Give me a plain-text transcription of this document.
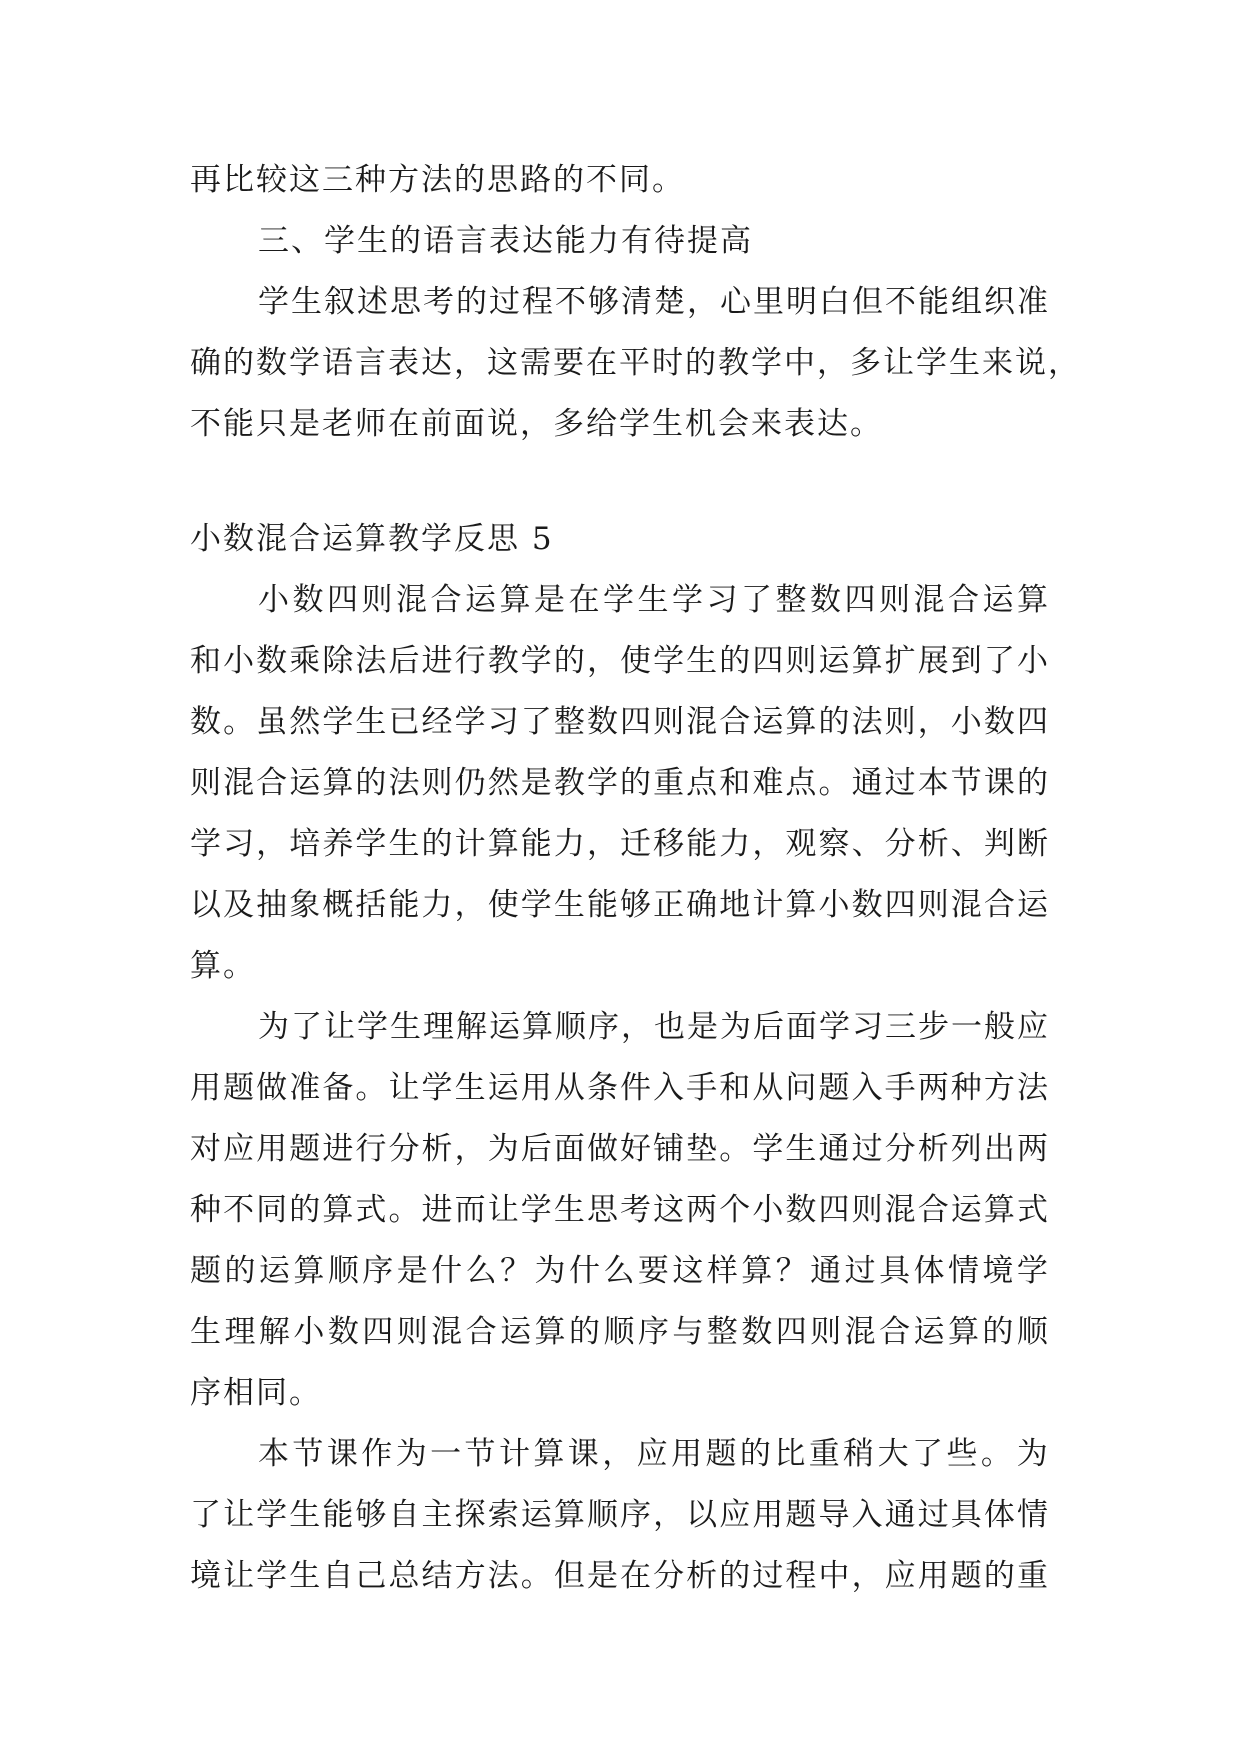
再比较这三种方法的思路的不同。
三、学生的语言表达能力有待提高
学 生 叙 述 思 考 的 过 程 不 够 清 楚 ， 心 里 明 白 但 不 能 组 织 准
确 的 数 学 语 言 表 达 ， 这 需 要 在 平 时 的 教 学 中 ， 多 让 学 生 来 说 ，
不能只是老师在前面说，多给学生机会来表达。
小数混合运算教学反思 5
小 数 四 则 混 合 运 算 是 在 学 生 学 习 了 整 数 四 则 混 合 运 算
和 小 数 乘 除 法 后 进 行 教 学 的 ， 使 学 生 的 四 则 运 算 扩 展 到 了 小
数 。 虽 然 学 生 已 经 学 习 了 整 数 四 则 混 合 运 算 的 法 则 ， 小 数 四
则 混 合 运 算 的 法 则 仍 然 是 教 学 的 重 点 和 难 点 。 通 过 本 节 课 的
学 习 ， 培 养 学 生 的 计 算 能 力 ， 迁 移 能 力 ， 观 察 、 分 析 、 判 断
以 及 抽 象 概 括 能 力 ， 使 学 生 能 够 正 确 地 计 算 小 数 四 则 混 合 运
算。
为 了 让 学 生 理 解 运 算 顺 序 ， 也 是 为 后 面 学 习 三 步 一 般 应
用 题 做 准 备 。 让 学 生 运 用 从 条 件 入 手 和 从 问 题 入 手 两 种 方 法
对 应 用 题 进 行 分 析 ， 为 后 面 做 好 铺 垫 。 学 生 通 过 分 析 列 出 两
种 不 同 的 算 式 。 进 而 让 学 生 思 考 这 两 个 小 数 四 则 混 合 运 算 式
题 的 运 算 顺 序 是 什 么 ？ 为 什 么 要 这 样 算 ？ 通 过 具 体 情 境 学
生 理 解 小 数 四 则 混 合 运 算 的 顺 序 与 整 数 四 则 混 合 运 算 的 顺
序相同。
本 节 课 作 为 一 节 计 算 课 ， 应 用 题 的 比 重 稍 大 了 些 。 为
了 让 学 生 能 够 自 主 探 索 运 算 顺 序 ， 以 应 用 题 导 入 通 过 具 体 情
境 让 学 生 自 己 总 结 方 法 。 但 是 在 分 析 的 过 程 中 ， 应 用 题 的 重
